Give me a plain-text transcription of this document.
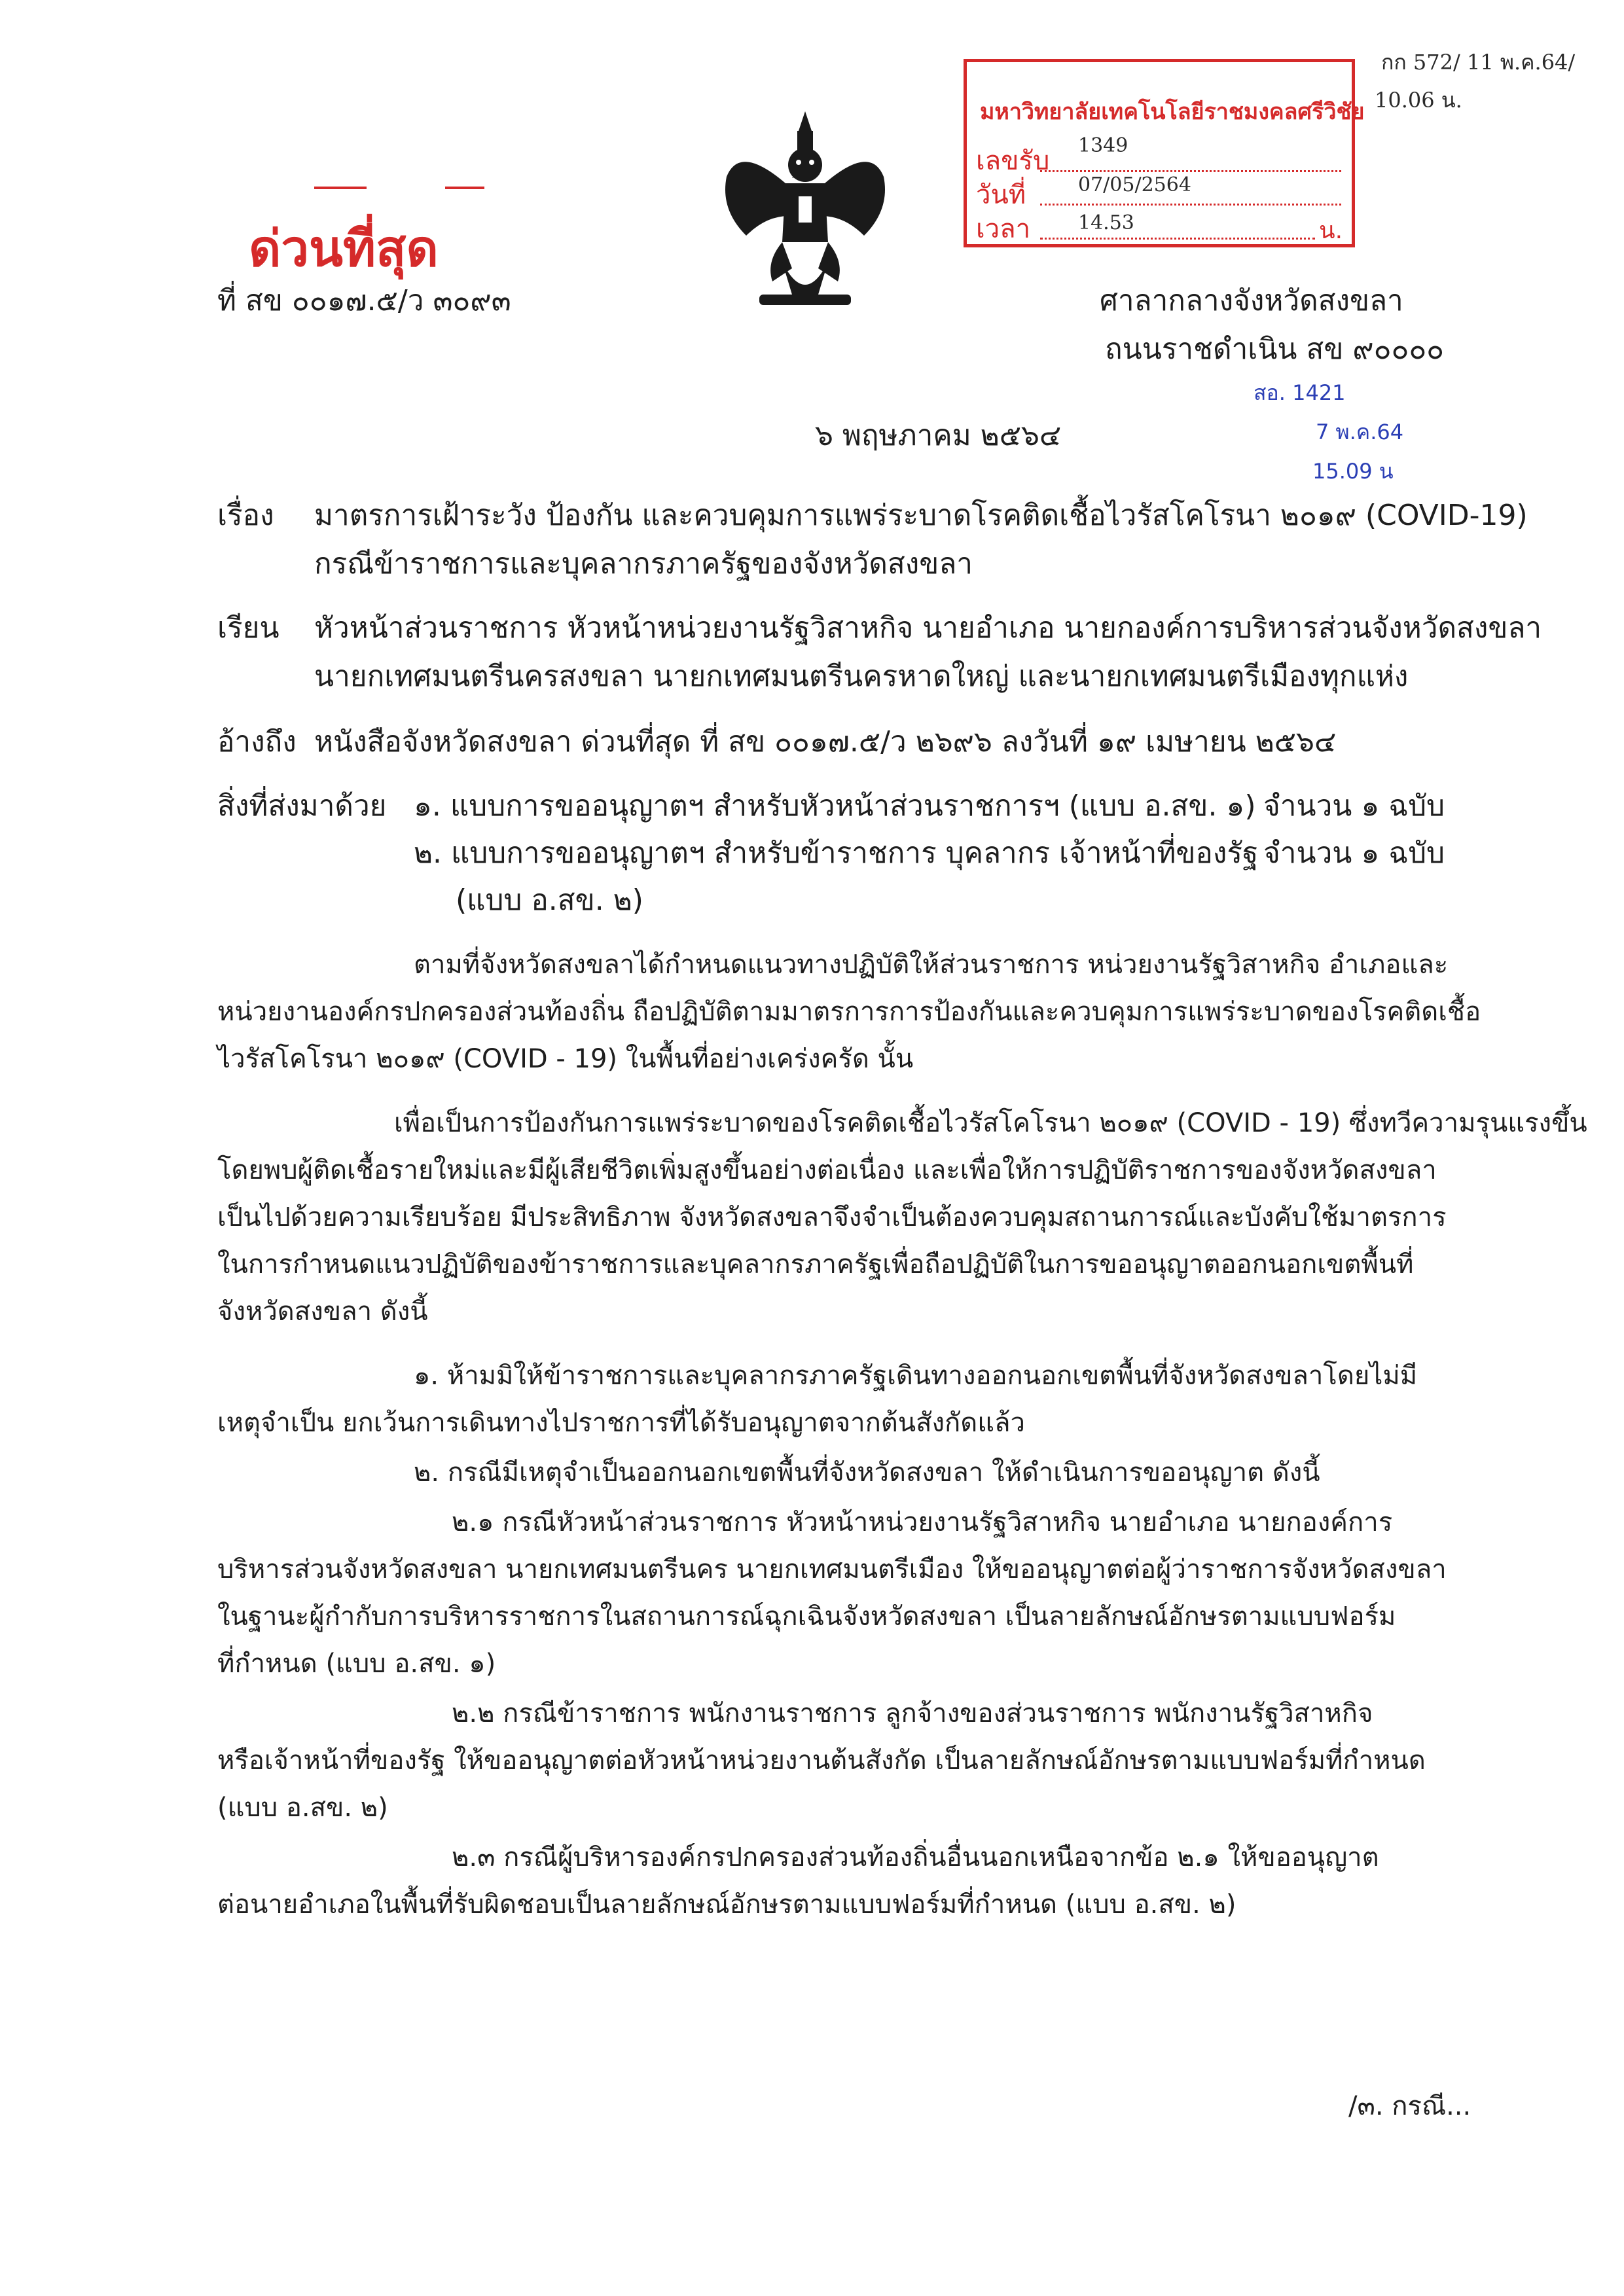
กก 572/ 11 พ.ค.64/
10.06 น.
มหาวิทยาลัยเทคโนโลยีราชมงคลศรีวิชัย
เลขรับ
1349
วันที่	07/05/2564
เวลา 14.53	น.
ด่วนที่สุด
ที่ สข ๐๐๑๗.๕/ว ๓๐๙๓	ศาลากลางจังหวัดสงขลา
ถนนราชดำเนิน สข ๙๐๐๐๐
สอ. 1421
๖ พฤษภาคม ๒๕๖๔	7 พ.ค.64
15.09 น
เรื่อง มาตรการเฝ้าระวัง ป้องกัน และควบคุมการแพร่ระบาดโรคติดเชื้อไวรัสโคโรนา ๒๐๑๙ (COVID-19)
กรณีข้าราชการและบุคลากรภาครัฐของจังหวัดสงขลา
เรียน หัวหน้าส่วนราชการ หัวหน้าหน่วยงานรัฐวิสาหกิจ นายอำเภอ นายกองค์การบริหารส่วนจังหวัดสงขลา
นายกเทศมนตรีนครสงขลา นายกเทศมนตรีนครหาดใหญ่ และนายกเทศมนตรีเมืองทุกแห่ง
อ้างถึง หนังสือจังหวัดสงขลา ด่วนที่สุด ที่ สข ๐๐๑๗.๕/ว ๒๖๙๖ ลงวันที่ ๑๙ เมษายน ๒๕๖๔
สิ่งที่ส่งมาด้วย ๑. แบบการขออนุญาตฯ สำหรับหัวหน้าส่วนราชการฯ (แบบ อ.สข. ๑) จำนวน ๑ ฉบับ
๒. แบบการขออนุญาตฯ สำหรับข้าราชการ บุคลากร เจ้าหน้าที่ของรัฐ จำนวน ๑ ฉบับ
(แบบ อ.สข. ๒)
ตามที่จังหวัดสงขลาได้กำหนดแนวทางปฏิบัติให้ส่วนราชการ หน่วยงานรัฐวิสาหกิจ อำเภอและ
หน่วยงานองค์กรปกครองส่วนท้องถิ่น ถือปฏิบัติตามมาตรการการป้องกันและควบคุมการแพร่ระบาดของโรคติดเชื้อ
ไวรัสโคโรนา ๒๐๑๙ (COVID - 19) ในพื้นที่อย่างเคร่งครัด นั้น
เพื่อเป็นการป้องกันการแพร่ระบาดของโรคติดเชื้อไวรัสโคโรนา ๒๐๑๙ (COVID - 19) ซึ่งทวีความรุนแรงขึ้น
โดยพบผู้ติดเชื้อรายใหม่และมีผู้เสียชีวิตเพิ่มสูงขึ้นอย่างต่อเนื่อง และเพื่อให้การปฏิบัติราชการของจังหวัดสงขลา
เป็นไปด้วยความเรียบร้อย มีประสิทธิภาพ จังหวัดสงขลาจึงจำเป็นต้องควบคุมสถานการณ์และบังคับใช้มาตรการ
ในการกำหนดแนวปฏิบัติของข้าราชการและบุคลากรภาครัฐเพื่อถือปฏิบัติในการขออนุญาตออกนอกเขตพื้นที่
จังหวัดสงขลา ดังนี้
๑. ห้ามมิให้ข้าราชการและบุคลากรภาครัฐเดินทางออกนอกเขตพื้นที่จังหวัดสงขลาโดยไม่มี
เหตุจำเป็น ยกเว้นการเดินทางไปราชการที่ได้รับอนุญาตจากต้นสังกัดแล้ว
๒. กรณีมีเหตุจำเป็นออกนอกเขตพื้นที่จังหวัดสงขลา ให้ดำเนินการขออนุญาต ดังนี้
๒.๑ กรณีหัวหน้าส่วนราชการ หัวหน้าหน่วยงานรัฐวิสาหกิจ นายอำเภอ นายกองค์การ
บริหารส่วนจังหวัดสงขลา นายกเทศมนตรีนคร นายกเทศมนตรีเมือง ให้ขออนุญาตต่อผู้ว่าราชการจังหวัดสงขลา
ในฐานะผู้กำกับการบริหารราชการในสถานการณ์ฉุกเฉินจังหวัดสงขลา เป็นลายลักษณ์อักษรตามแบบฟอร์ม
ที่กำหนด (แบบ อ.สข. ๑)
๒.๒ กรณีข้าราชการ พนักงานราชการ ลูกจ้างของส่วนราชการ พนักงานรัฐวิสาหกิจ
หรือเจ้าหน้าที่ของรัฐ ให้ขออนุญาตต่อหัวหน้าหน่วยงานต้นสังกัด เป็นลายลักษณ์อักษรตามแบบฟอร์มที่กำหนด
(แบบ อ.สข. ๒)
๒.๓ กรณีผู้บริหารองค์กรปกครองส่วนท้องถิ่นอื่นนอกเหนือจากข้อ ๒.๑ ให้ขออนุญาต
ต่อนายอำเภอในพื้นที่รับผิดชอบเป็นลายลักษณ์อักษรตามแบบฟอร์มที่กำหนด (แบบ อ.สข. ๒)
/๓. กรณี...
